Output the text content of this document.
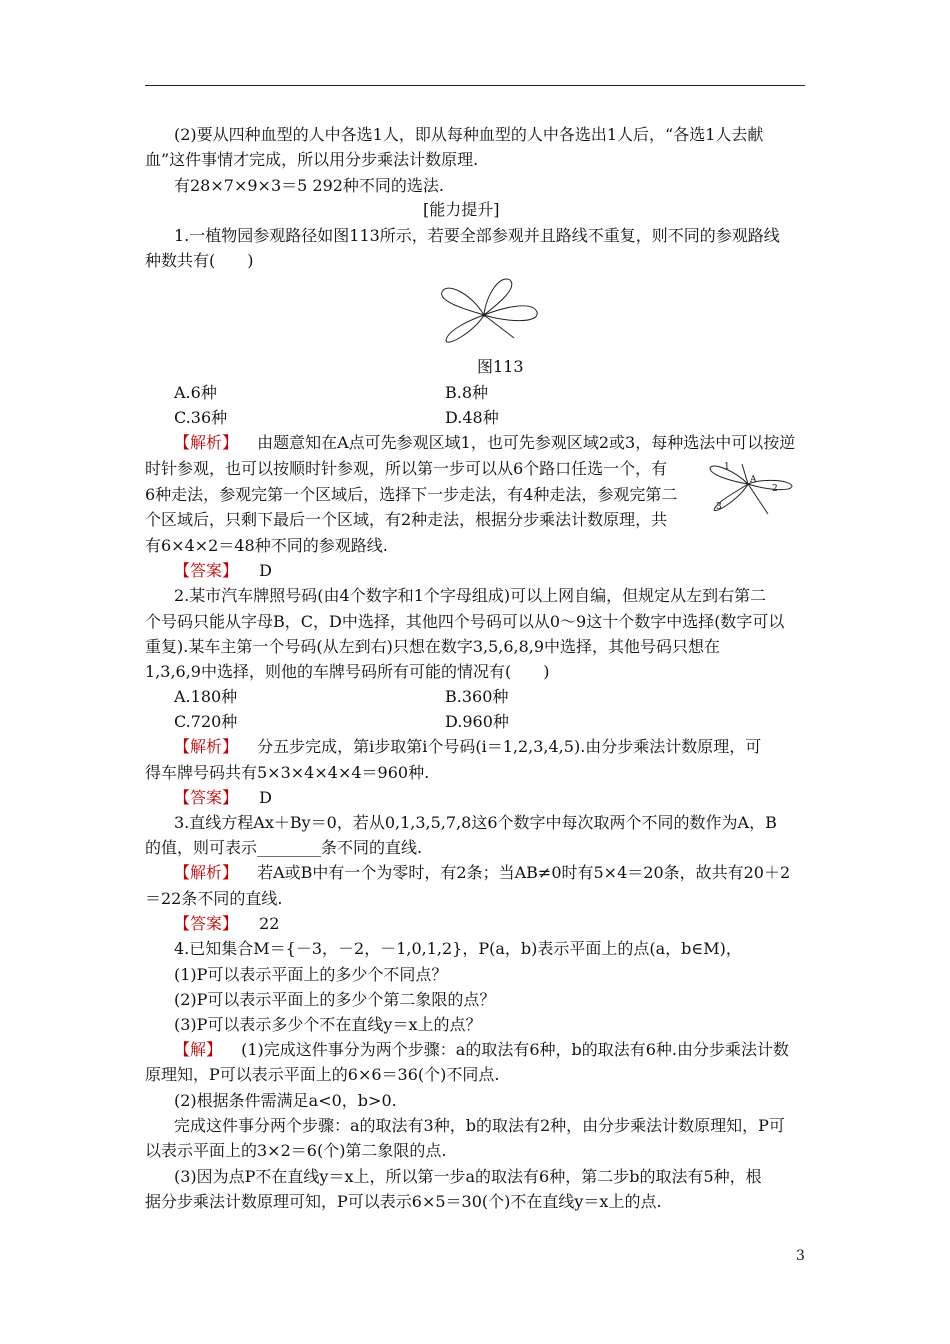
(2)要从四种血型的人中各选1人，即从每种血型的人中各选出1人后，“各选1人去献
血”这件事情才完成，所以用分步乘法计数原理.
有28×7×9×3＝5 292种不同的选法.
[能力提升]
1.一植物园参观路径如图113所示，若要全部参观并且路线不重复，则不同的参观路线
种数共有(　　)
图113
A.6种	B.8种
C.36种	D.48种
【解析】 由题意知在A点可先参观区域1，也可先参观区域2或3，每种选法中可以按逆
时针参观，也可以按顺时针参观，所以第一步可以从6个路口任选一个，有
6种走法，参观完第一个区域后，选择下一步走法，有4种走法，参观完第二
个区域后，只剩下最后一个区域，有2种走法，根据分步乘法计数原理，共
有6×4×2＝48种不同的参观路线.
A
1
2
3
【答案】 D
2.某市汽车牌照号码(由4个数字和1个字母组成)可以上网自编，但规定从左到右第二
个号码只能从字母B，C，D中选择，其他四个号码可以从0～9这十个数字中选择(数字可以
重复).某车主第一个号码(从左到右)只想在数字3,5,6,8,9中选择，其他号码只想在
1,3,6,9中选择，则他的车牌号码所有可能的情况有(　　)
A.180种	B.360种
C.720种	D.960种
【解析】 分五步完成，第i步取第i个号码(i＝1,2,3,4,5).由分步乘法计数原理，可
得车牌号码共有5×3×4×4×4＝960种.
【答案】 D
3.直线方程Ax＋By＝0，若从0,1,3,5,7,8这6个数字中每次取两个不同的数作为A，B
的值，则可表示________条不同的直线.
【解析】 若A或B中有一个为零时，有2条；当AB≠0时有5×4＝20条，故共有20＋2
＝22条不同的直线.
【答案】 22
4.已知集合M＝{－3，－2，－1,0,1,2}，P(a，b)表示平面上的点(a，b∈M)，
(1)P可以表示平面上的多少个不同点？
(2)P可以表示平面上的多少个第二象限的点？
(3)P可以表示多少个不在直线y＝x上的点？
【解】 (1)完成这件事分为两个步骤：a的取法有6种，b的取法有6种.由分步乘法计数
原理知，P可以表示平面上的6×6＝36(个)不同点.
(2)根据条件需满足a<0，b>0.
完成这件事分两个步骤：a的取法有3种，b的取法有2种，由分步乘法计数原理知，P可
以表示平面上的3×2＝6(个)第二象限的点.
(3)因为点P不在直线y＝x上，所以第一步a的取法有6种，第二步b的取法有5种，根
据分步乘法计数原理可知，P可以表示6×5＝30(个)不在直线y＝x上的点.
3
